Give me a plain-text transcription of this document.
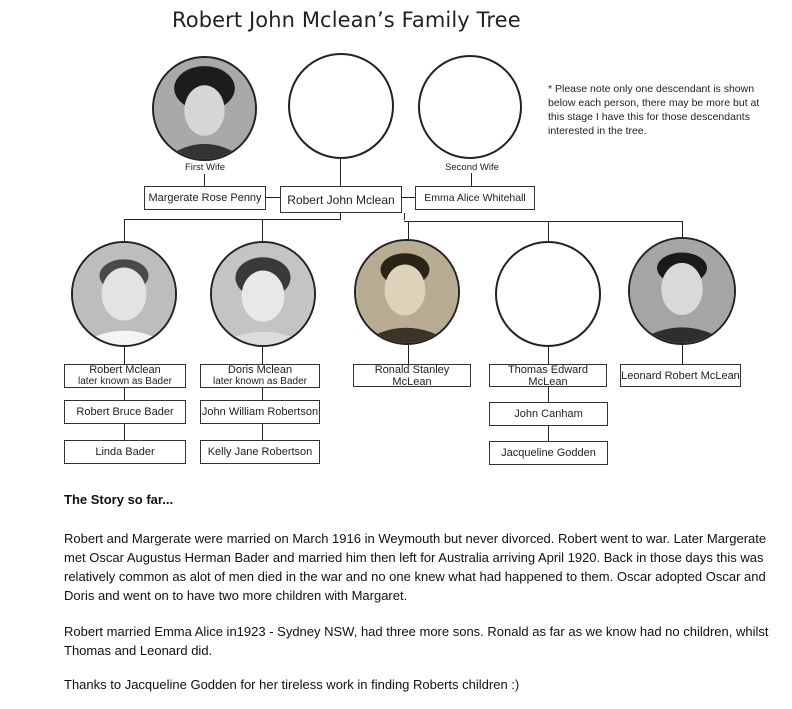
Robert John Mclean’s Family Tree
* Please note only one descendant is shown below each person, there may be more but at this stage I have this for those descendants interested in the tree.
First Wife	Second Wife
Margerate Rose Penny Robert John Mclean	Emma Alice Whitehall
Robert Mclean
later known as Bader
Doris Mclean
later known as Bader
Ronald Stanley McLean
Thomas Edward McLean	Leonard Robert McLean
Robert Bruce Bader
Linda Bader
John William Robertson
Kelly Jane Robertson
John Canham
Jacqueline Godden
The Story so far...
Robert and Margerate were married on March 1916 in Weymouth but never divorced. Robert went to war. Later Margerate met Oscar Augustus Herman Bader and married him then left for Australia arriving April 1920. Back in those days this was relatively common as alot of men died in the war and no one knew what had happened to them. Oscar adopted Oscar and Doris and went on to have two more children with Margaret.
Robert married Emma Alice in1923 - Sydney NSW, had three more sons. Ronald as far as we know had no children, whilst Thomas and Leonard did.
Thanks to Jacqueline Godden for her tireless work in finding Roberts children :)
